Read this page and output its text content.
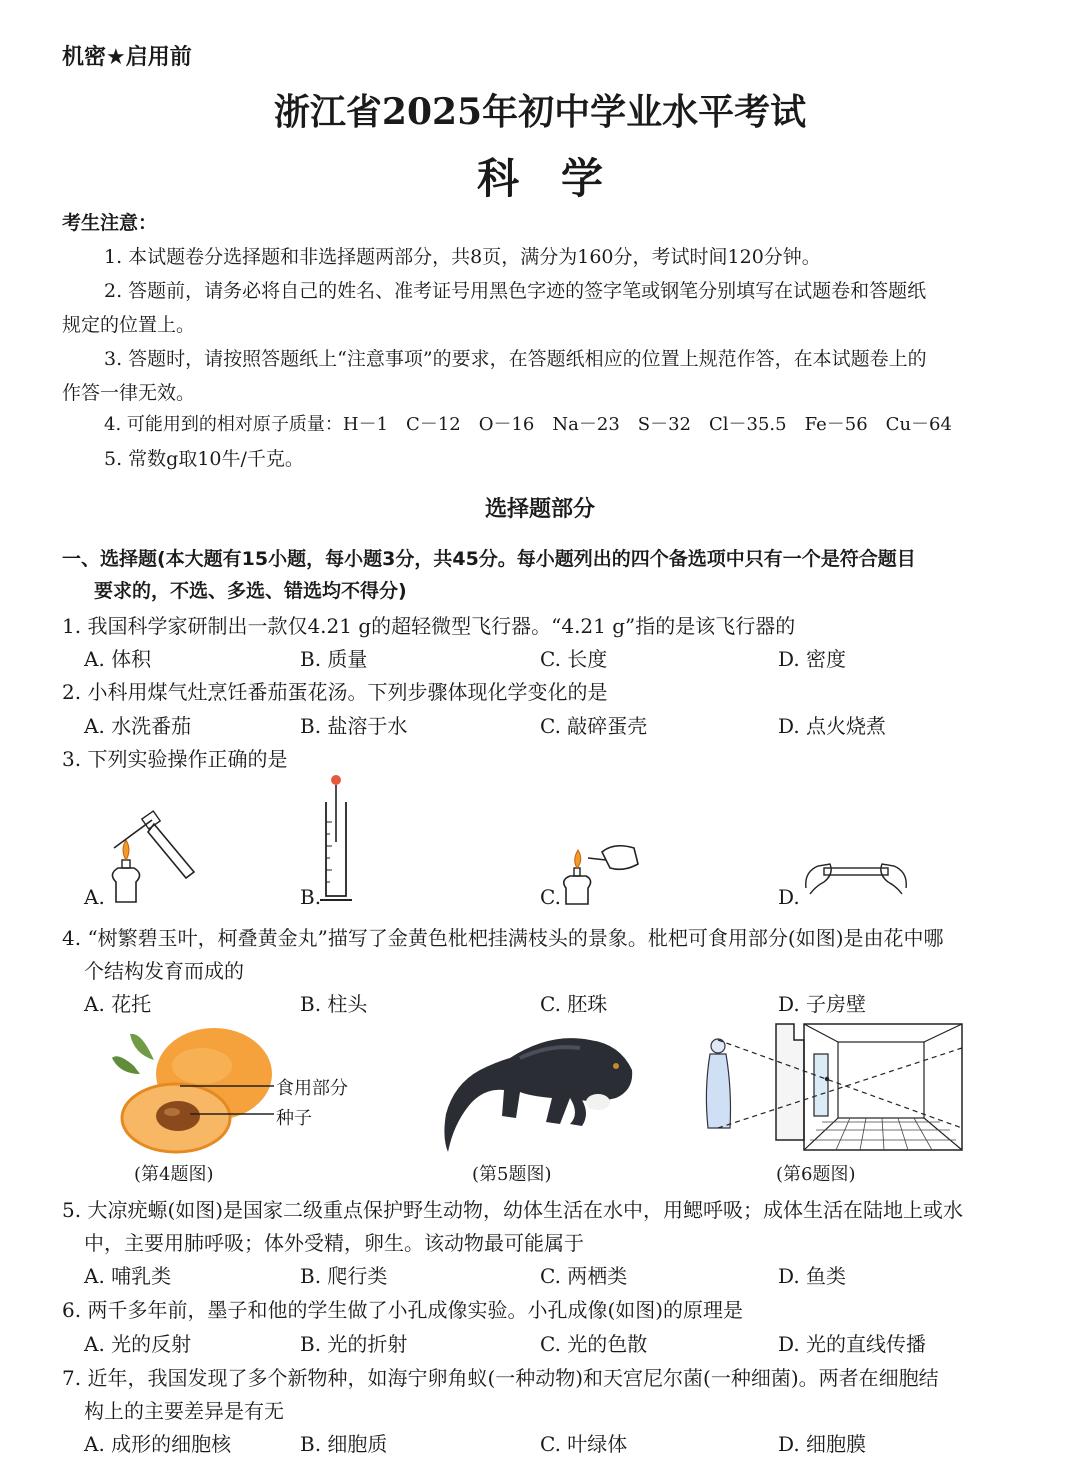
机密★启用前
浙江省2025年初中学业水平考试
科　学
考生注意：
1. 本试题卷分选择题和非选择题两部分，共8页，满分为160分，考试时间120分钟。
2. 答题前，请务必将自己的姓名、准考证号用黑色字迹的签字笔或钢笔分别填写在试题卷和答题纸
规定的位置上。
3. 答题时，请按照答题纸上“注意事项”的要求，在答题纸相应的位置上规范作答，在本试题卷上的
作答一律无效。
4. 可能用到的相对原子质量：H－1　C－12　O－16　Na－23　S－32　Cl－35.5　Fe－56　Cu－64
5. 常数g取10牛/千克。
选择题部分
一、选择题(本大题有15小题，每小题3分，共45分。每小题列出的四个备选项中只有一个是符合题目
要求的，不选、多选、错选均不得分)
1. 我国科学家研制出一款仅4.21 g的超轻微型飞行器。“4.21 g”指的是该飞行器的
A. 体积	B. 质量	C. 长度	D. 密度
2. 小科用煤气灶烹饪番茄蛋花汤。下列步骤体现化学变化的是
A. 水洗番茄	B. 盐溶于水	C. 敲碎蛋壳	D. 点火烧煮
3. 下列实验操作正确的是
A.	B.	C.	D.
4. “树繁碧玉叶，柯叠黄金丸”描写了金黄色枇杷挂满枝头的景象。枇杷可食用部分(如图)是由花中哪
个结构发育而成的
A. 花托	B. 柱头	C. 胚珠	D. 子房壁
食用部分
种子
(第4题图)	(第5题图)	(第6题图)
5. 大凉疣螈(如图)是国家二级重点保护野生动物，幼体生活在水中，用鳃呼吸；成体生活在陆地上或水
中，主要用肺呼吸；体外受精，卵生。该动物最可能属于
A. 哺乳类	B. 爬行类	C. 两栖类	D. 鱼类
6. 两千多年前，墨子和他的学生做了小孔成像实验。小孔成像(如图)的原理是
A. 光的反射	B. 光的折射	C. 光的色散	D. 光的直线传播
7. 近年，我国发现了多个新物种，如海宁卵角蚁(一种动物)和天宫尼尔菌(一种细菌)。两者在细胞结
构上的主要差异是有无
A. 成形的细胞核	B. 细胞质	C. 叶绿体	D. 细胞膜
